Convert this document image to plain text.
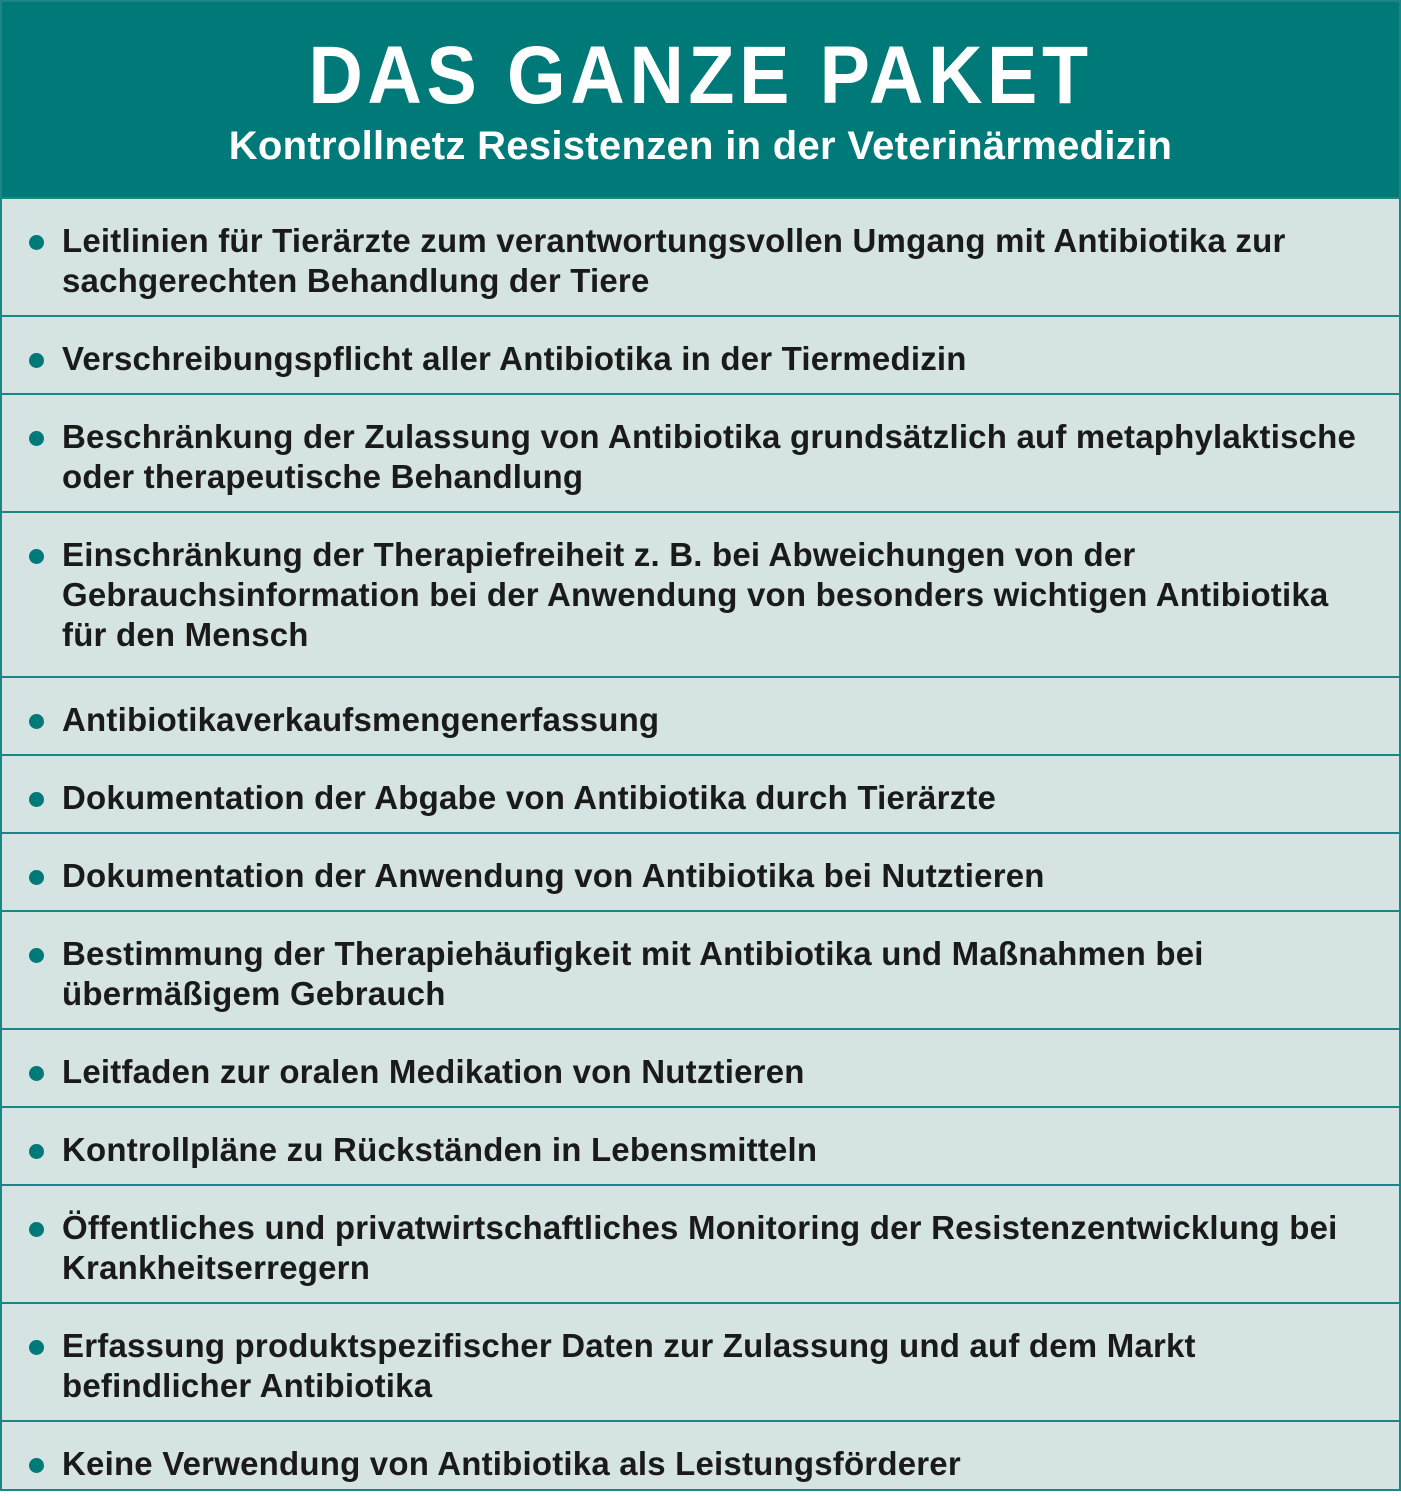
DAS GANZE PAKET
Kontrollnetz Resistenzen in der Veterinärmedizin
Leitlinien für Tierärzte zum verantwortungsvollen Umgang mit Antibiotika zur sachgerechten Behandlung der Tiere
Verschreibungspflicht aller Antibiotika in der Tiermedizin
Beschränkung der Zulassung von Antibiotika grundsätzlich auf metaphylaktische oder therapeutische Behandlung
Einschränkung der Therapiefreiheit z. B. bei Abweichungen von der Gebrauchsinformation bei der Anwendung von besonders wichtigen Antibiotika für den Mensch
Antibiotikaverkaufsmengenerfassung
Dokumentation der Abgabe von Antibiotika durch Tierärzte
Dokumentation der Anwendung von Antibiotika bei Nutztieren
Bestimmung der Therapiehäufigkeit mit Antibiotika und Maßnahmen bei übermäßigem Gebrauch
Leitfaden zur oralen Medikation von Nutztieren
Kontrollpläne zu Rückständen in Lebensmitteln
Öffentliches und privatwirtschaftliches Monitoring der Resistenzentwicklung bei Krankheitserregern
Erfassung produktspezifischer Daten zur Zulassung und auf dem Markt befindlicher Antibiotika
Keine Verwendung von Antibiotika als Leistungsförderer
